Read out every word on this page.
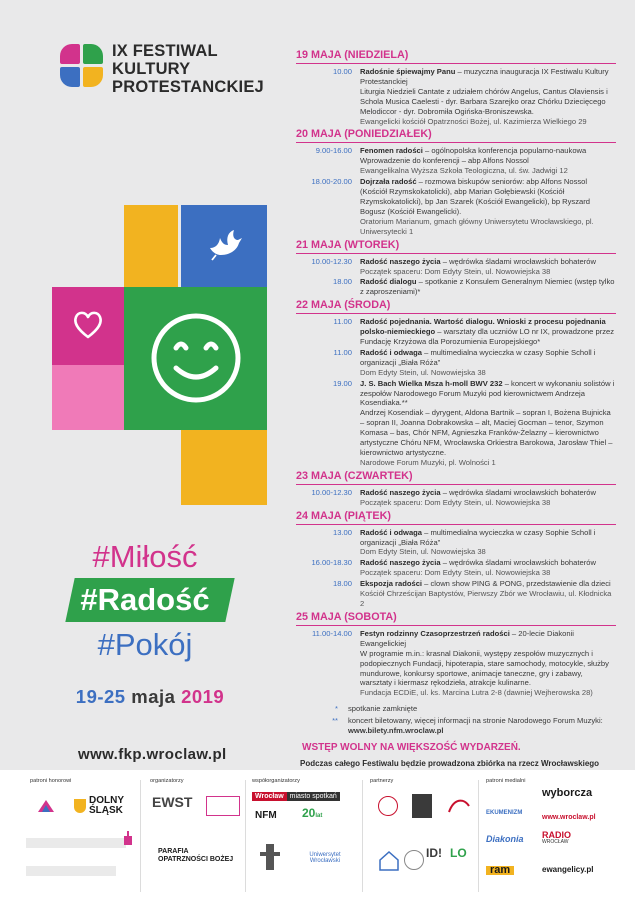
IX FESTIWAL
KULTURY
PROTESTANCKIEJ
#Miłość
#Radość
#Pokój
19-25 maja 2019
www.fkp.wroclaw.pl
19 MAJA (NIEDZIELA)
10.00	Radośnie śpiewajmy Panu – muzyczna inauguracja IX Festiwalu Kultury Protestanckiej
Liturgia Niedzieli Cantate z udziałem chórów Angelus, Cantus Olaviensis i Schola Musica Caelesti - dyr. Barbara Szarejko oraz Chórku Dziecięcego Melodiccor - dyr. Dobromiła Ogińska-Broniszewska.
Ewangelicki kościół Opatrzności Bożej, ul. Kazimierza Wielkiego 29
20 MAJA (PONIEDZIAŁEK)
9.00-16.00	Fenomen radości – ogólnopolska konferencja popularno-naukowa
Wprowadzenie do konferencji – abp Alfons Nossol
Ewangelikalna Wyższa Szkoła Teologiczna, ul. św. Jadwigi 12
18.00-20.00	Dojrzała radość – rozmowa biskupów seniorów: abp Alfons Nossol (Kościół Rzymskokatolicki), abp Marian Gołębiewski (Kościół Rzymskokatolicki), bp Jan Szarek (Kościół Ewangelicki), bp Ryszard Bogusz (Kościół Ewangelicki).
Oratorium Marianum, gmach główny Uniwersytetu Wrocławskiego, pl. Uniwersytecki 1
21 MAJA (WTOREK)
10.00-12.30	Radość naszego życia – wędrówka śladami wrocławskich bohaterów
Początek spaceru: Dom Edyty Stein, ul. Nowowiejska 38
18.00	Radość dialogu – spotkanie z Konsulem Generalnym Niemiec (wstęp tylko z zaproszeniami)*
22 MAJA (ŚRODA)
11.00	Radość pojednania. Wartość dialogu. Wnioski z procesu pojednania polsko-niemieckiego – warsztaty dla uczniów LO nr IX, prowadzone przez Fundację Krzyżowa dla Porozumienia Europejskiego*
11.00	Radość i odwaga – multimedialna wycieczka w czasy Sophie Scholl i organizacji „Biała Róża”
Dom Edyty Stein, ul. Nowowiejska 38
19.00	J. S. Bach Wielka Msza h-moll BWV 232 – koncert w wykonaniu solistów i zespołów Narodowego Forum Muzyki pod kierownictwem Andrzeja Kosendiaka.**
Andrzej Kosendiak – dyrygent, Aldona Bartnik – sopran I, Bożena Bujnicka – sopran II, Joanna Dobrakowska – alt, Maciej Gocman – tenor, Szymon Komasa – bas, Chór NFM, Agnieszka Franków-Żelazny – kierownictwo artystyczne Chóru NFM, Wrocławska Orkiestra Barokowa, Jarosław Thiel – kierownictwo artystyczne.
Narodowe Forum Muzyki, pl. Wolności 1
23 MAJA (CZWARTEK)
10.00-12.30	Radość naszego życia – wędrówka śladami wrocławskich bohaterów
Początek spaceru: Dom Edyty Stein, ul. Nowowiejska 38
24 MAJA (PIĄTEK)
13.00	Radość i odwaga – multimedialna wycieczka w czasy Sophie Scholl i organizacji „Biała Róża”
Dom Edyty Stein, ul. Nowowiejska 38
16.00-18.30	Radość naszego życia – wędrówka śladami wrocławskich bohaterów
Początek spaceru: Dom Edyty Stein, ul. Nowowiejska 38
18.00	Ekspozja radości – clown show PING & PONG, przedstawienie dla dzieci
Kościół Chrześcijan Baptystów, Pierwszy Zbór we Wrocławiu, ul. Kłodnicka 2
25 MAJA (SOBOTA)
11.00-14.00	Festyn rodzinny Czasoprzestrzeń radości – 20-lecie Diakonii Ewangelickiej
W programie m.in.: krasnal Diakonii, występy zespołów muzycznych i podopiecznych Fundacji, hipoterapia, stare samochody, motocykle, służby mundurowe, konkursy sportowe, animacje taneczne, gry i zabawy, warsztaty i kiermasz rękodzieła, atrakcje kulinarne.
Fundacja ECDiE, ul. ks. Marcina Lutra 2-8 (dawniej Wejherowska 28)
*	spotkanie zamknięte
**	koncert biletowany, więcej informacji na stronie Narodowego Forum Muzyki: www.bilety.nfm.wroclaw.pl
WSTĘP WOLNY NA WIĘKSZOŚĆ WYDARZEŃ.
Podczas całego Festiwalu będzie prowadzona zbiórka na rzecz Wrocławskiego
patroni honorowi	organizatorzy	współorganizatorzy	partnerzy	patroni medialni
DOLNY
ŚLĄSK
EWST
PARAFIA
OPATRZNOŚCI BOŻEJ
Wrocław miasto spotkań
NFM 20lat
Uniwersytet Wrocławski
ID! LO
EKUMENIZM
Diakonia
ram
wyborcza
www.wroclaw.pl
RADIO
WROCŁAW
ewangelicy.pl
